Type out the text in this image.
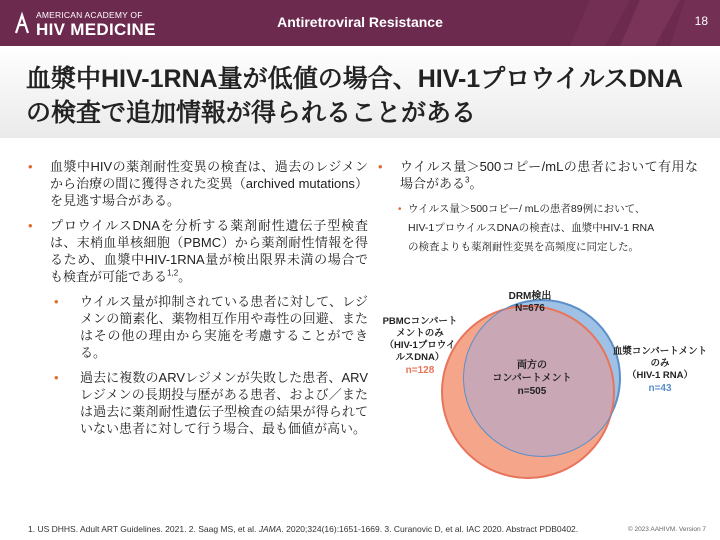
AMERICAN ACADEMY OF
HIV MEDICINE	Antiretroviral Resistance	18
血漿中HIV-1RNA量が低値の場合、HIV-1プロウイルスDNAの検査で追加情報が得られることがある
• 血漿中HIVの薬剤耐性変異の検査は、過去のレジメンから治療の間に獲得された変異（archived mutations）を見逃す場合がある。
• プロウイルスDNAを分析する薬剤耐性遺伝子型検査は、末梢血単核細胞（PBMC）から薬剤耐性情報を得るため、血漿中HIV-1RNA量が検出限界未満の場合でも検査が可能である$^{1,2}$。
• ウイルス量が抑制されている患者に対して、レジメンの簡素化、薬物相互作用や毒性の回避、またはその他の理由から実施を考慮することができる。
• 過去に複数のARVレジメンが失敗した患者、ARVレジメンの長期投与歴がある患者、および／または過去に薬剤耐性遺伝子型検査の結果が得られていない患者に対して行う場合、最も価値が高い。
• ウイルス量＞500コピー/mLの患者において有用な場合がある$^3$。
• ウイルス量＞500コピー/ mLの患者89例において、
HIV-1プロウイルスDNAの検査は、血漿中HIV-1 RNA
の検査よりも薬剤耐性変異を高頻度に同定した。
DRM検出
N=676
PBMCコンパート
メントのみ
（HIV-1プロウイ
ルスDNA）
n=128	両方の
コンパートメント
n=505
血漿コンパートメント
のみ
（HIV-1 RNA）
n=43
1. US DHHS. Adult ART Guidelines. 2021. 2. Saag MS, et al. JAMA. 2020;324(16):1651-1669. 3. Curanovic D, et al. IAC 2020. Abstract PDB0402.	© 2023 AAHIVM. Version 7
